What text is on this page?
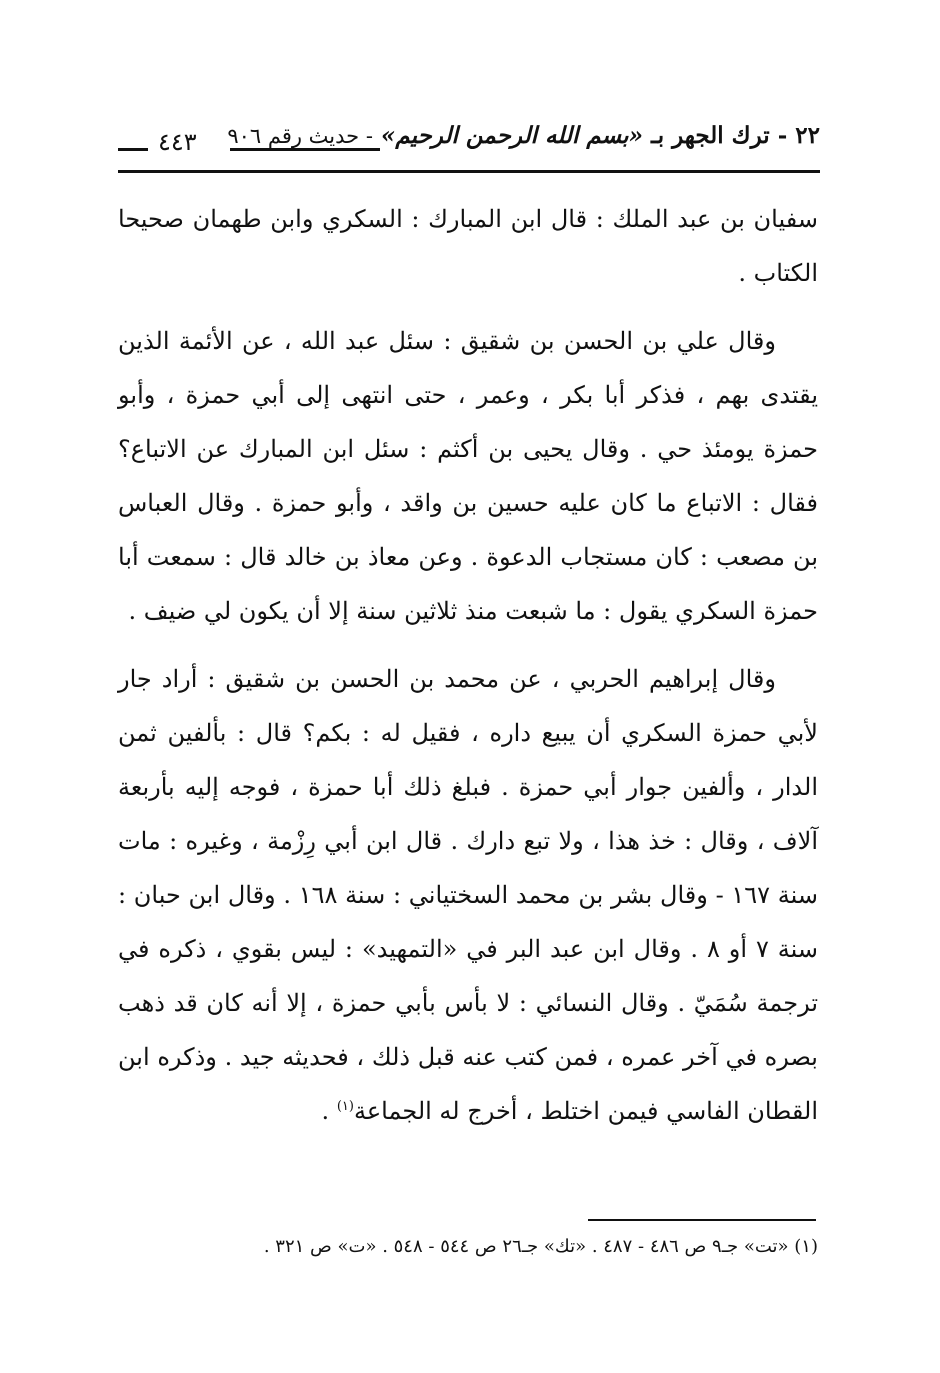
٢٢ - ترك الجهر بـ «بسم الله الرحمن الرحيم» - حديث رقم ٩٠٦
٤٤٣

سفيان بن عبد الملك : قال ابن المبارك : السكري وابن طهمان صحيحا الكتاب .

وقال علي بن الحسن بن شقيق : سئل عبد الله ، عن الأئمة الذين يقتدى بهم ، فذكر أبا بكر ، وعمر ، حتى انتهى إلى أبي حمزة ، وأبو حمزة يومئذ حي . وقال يحيى بن أكثم : سئل ابن المبارك عن الاتباع؟ فقال : الاتباع ما كان عليه حسين بن واقد ، وأبو حمزة . وقال العباس بن مصعب : كان مستجاب الدعوة . وعن معاذ بن خالد قال : سمعت أبا حمزة السكري يقول : ما شبعت منذ ثلاثين سنة إلا أن يكون لي ضيف .

وقال إبراهيم الحربي ، عن محمد بن الحسن بن شقيق : أراد جار لأبي حمزة السكري أن يبيع داره ، فقيل له : بكم؟ قال : بألفين ثمن الدار ، وألفين جوار أبي حمزة . فبلغ ذلك أبا حمزة ، فوجه إليه بأربعة آلاف ، وقال : خذ هذا ، ولا تبع دارك . قال ابن أبي رِزْمة ، وغيره : مات سنة ١٦٧ - وقال بشر بن محمد السختياني : سنة ١٦٨ . وقال ابن حبان : سنة ٧ أو ٨ . وقال ابن عبد البر في «التمهيد» : ليس بقوي ، ذكره في ترجمة سُمَيّ . وقال النسائي : لا بأس بأبي حمزة ، إلا أنه كان قد ذهب بصره في آخر عمره ، فمن كتب عنه قبل ذلك ، فحديثه جيد . وذكره ابن القطان الفاسي فيمن اختلط ، أخرج له الجماعة$^{(١)}$ .

(١) «تت» جـ٩ ص ٤٨٦ - ٤٨٧ . «تك» جـ٢٦ ص ٥٤٤ - ٥٤٨ . «ت» ص ٣٢١ .
